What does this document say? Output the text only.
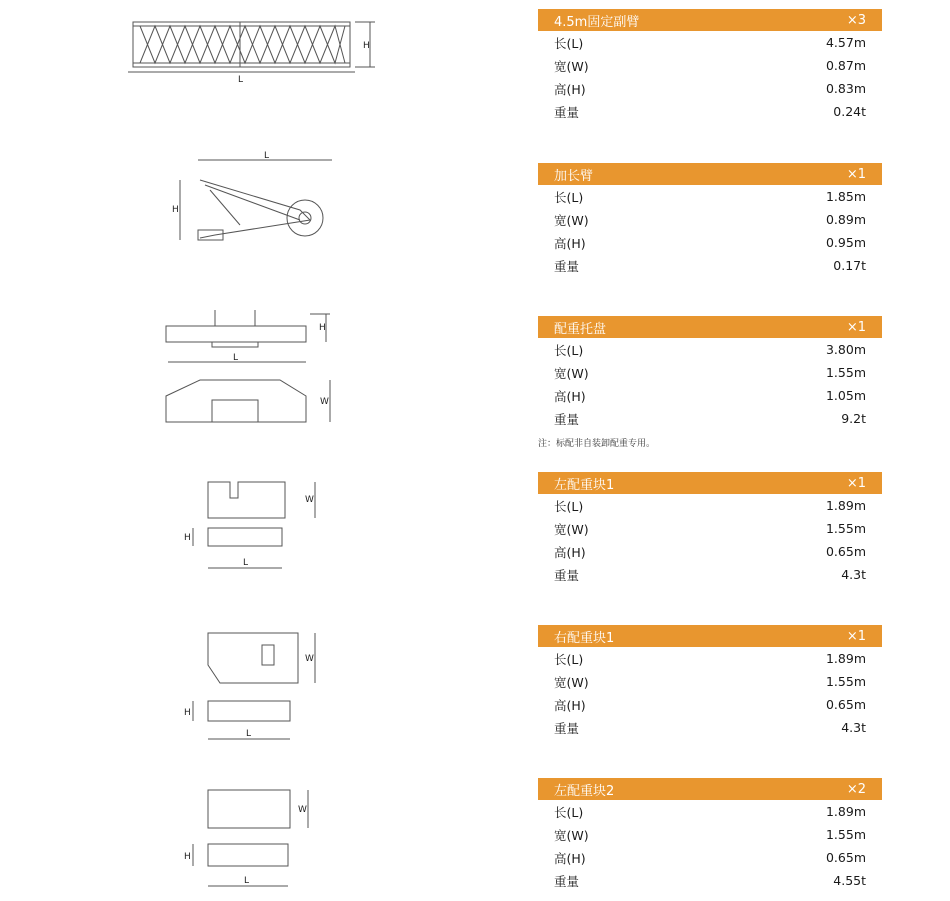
H
L
L
H
H
L
W
W
H
L
W
H
L
W
H
L
4.5m固定副臂	×3
长(L)	4.57m
宽(W)	0.87m
高(H)	0.83m
重量	0.24t
加长臂	×1
长(L)	1.85m
宽(W)	0.89m
高(H)	0.95m
重量	0.17t
配重托盘	×1
长(L)	3.80m
宽(W)	1.55m
高(H)	1.05m
重量	9.2t
注：标配非自装卸配重专用。
左配重块1	×1
长(L)	1.89m
宽(W)	1.55m
高(H)	0.65m
重量	4.3t
右配重块1	×1
长(L)	1.89m
宽(W)	1.55m
高(H)	0.65m
重量	4.3t
左配重块2	×2
长(L)	1.89m
宽(W)	1.55m
高(H)	0.65m
重量	4.55t
